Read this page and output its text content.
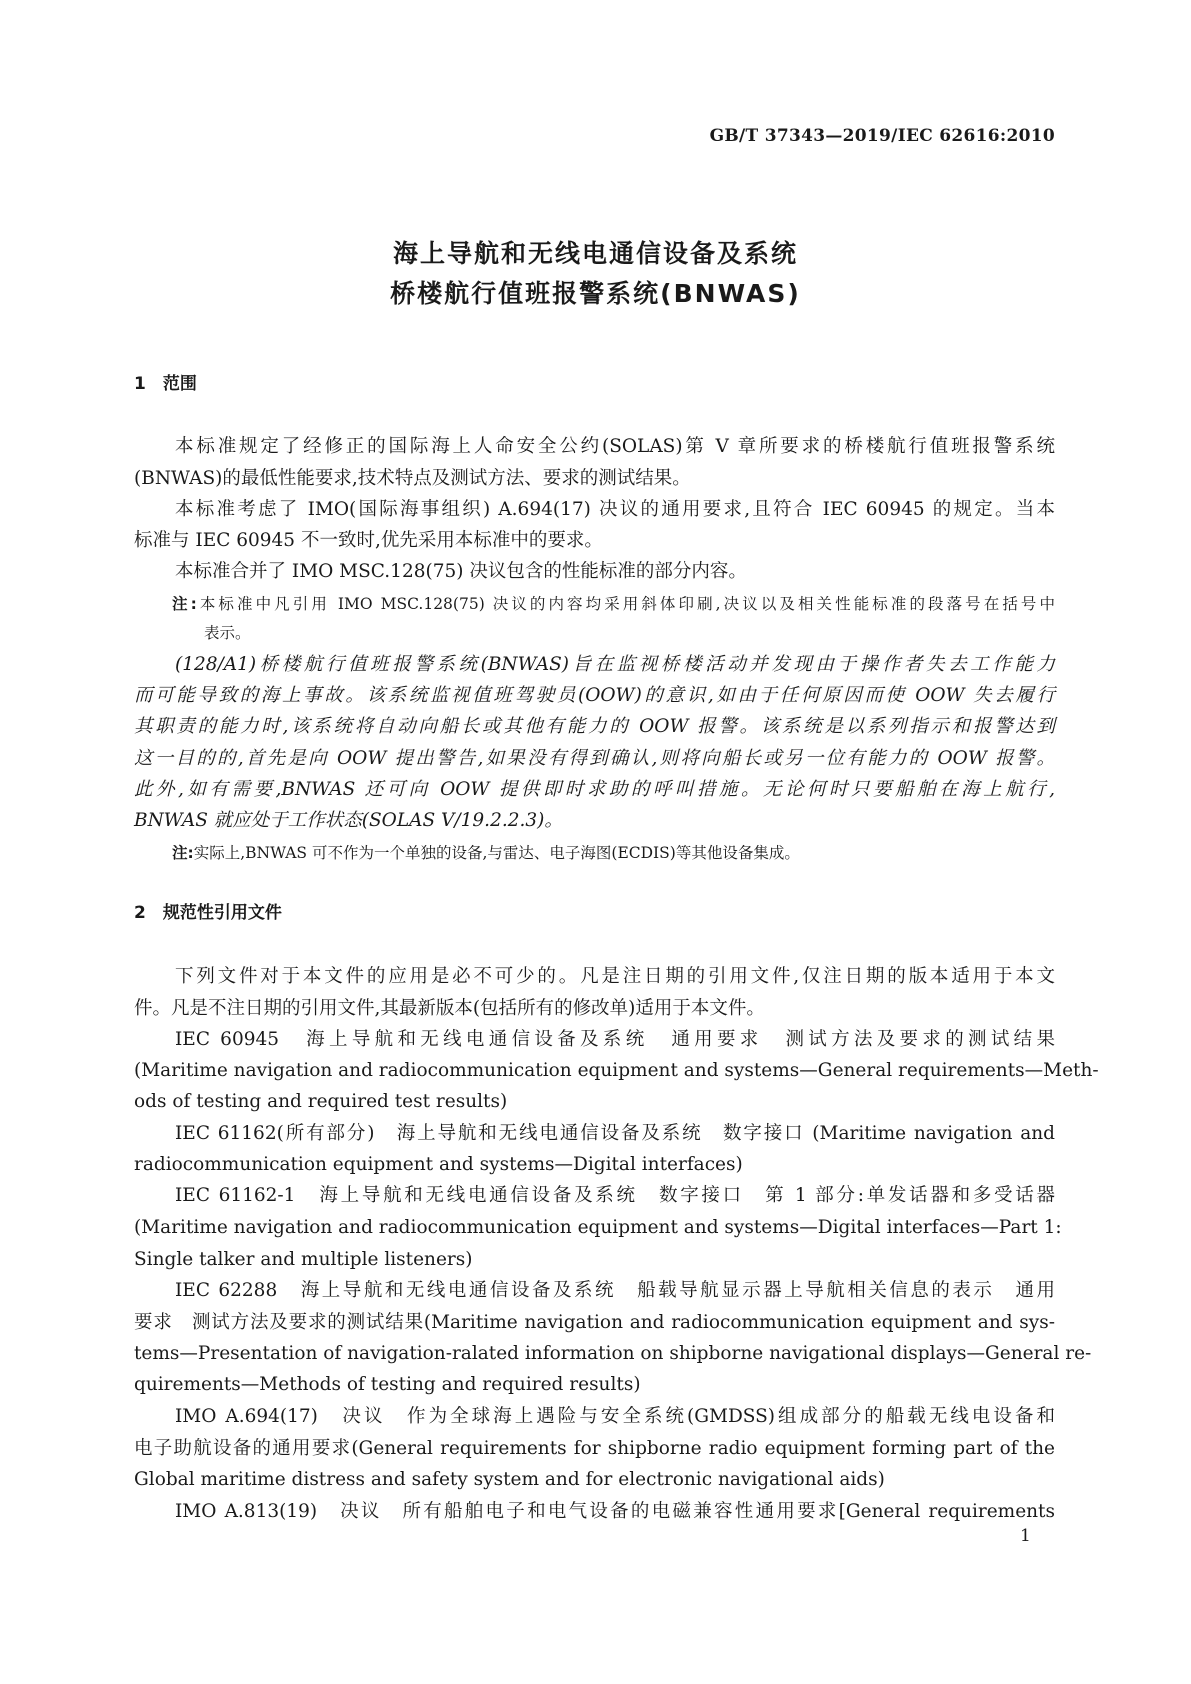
GB/T 37343—2019/IEC 62616:2010
海上导航和无线电通信设备及系统
桥楼航行值班报警系统(BNWAS)
1　范围
本标准规定了经修正的国际海上人命安全公约(SOLAS)第 V 章所要求的桥楼航行值班报警系统
(BNWAS)的最低性能要求,技术特点及测试方法、要求的测试结果。
本标准考虑了 IMO(国际海事组织) A.694(17) 决议的通用要求,且符合 IEC 60945 的规定。当本
标准与 IEC 60945 不一致时,优先采用本标准中的要求。
本标准合并了 IMO MSC.128(75) 决议包含的性能标准的部分内容。
注:本标准中凡引用 IMO MSC.128(75) 决议的内容均采用斜体印刷,决议以及相关性能标准的段落号在括号中
表示。
(128/A1)桥楼航行值班报警系统(BNWAS)旨在监视桥楼活动并发现由于操作者失去工作能力
而可能导致的海上事故。该系统监视值班驾驶员(OOW)的意识,如由于任何原因而使 OOW 失去履行
其职责的能力时,该系统将自动向船长或其他有能力的 OOW 报警。该系统是以系列指示和报警达到
这一目的的,首先是向 OOW 提出警告,如果没有得到确认,则将向船长或另一位有能力的 OOW 报警。
此外,如有需要,BNWAS 还可向 OOW 提供即时求助的呼叫措施。无论何时只要船舶在海上航行,
BNWAS 就应处于工作状态(SOLAS V/19.2.2.3)。
注:实际上,BNWAS 可不作为一个单独的设备,与雷达、电子海图(ECDIS)等其他设备集成。
2　规范性引用文件
下列文件对于本文件的应用是必不可少的。凡是注日期的引用文件,仅注日期的版本适用于本文
件。凡是不注日期的引用文件,其最新版本(包括所有的修改单)适用于本文件。
IEC 60945　海上导航和无线电通信设备及系统　通用要求　测试方法及要求的测试结果
(Maritime navigation and radiocommunication equipment and systems—General requirements—Meth-
ods of testing and required test results)
IEC 61162(所有部分)　海上导航和无线电通信设备及系统　数字接口 (Maritime navigation and
radiocommunication equipment and systems—Digital interfaces)
IEC 61162-1　海上导航和无线电通信设备及系统　数字接口　第 1 部分:单发话器和多受话器
(Maritime navigation and radiocommunication equipment and systems—Digital interfaces—Part 1:
Single talker and multiple listeners)
IEC 62288　海上导航和无线电通信设备及系统　船载导航显示器上导航相关信息的表示　通用
要求　测试方法及要求的测试结果(Maritime navigation and radiocommunication equipment and sys-
tems—Presentation of navigation-ralated information on shipborne navigational displays—General re-
quirements—Methods of testing and required results)
IMO A.694(17)　决议　作为全球海上遇险与安全系统(GMDSS)组成部分的船载无线电设备和
电子助航设备的通用要求(General requirements for shipborne radio equipment forming part of the
Global maritime distress and safety system and for electronic navigational aids)
IMO A.813(19)　决议　所有船舶电子和电气设备的电磁兼容性通用要求[General requirements
1
